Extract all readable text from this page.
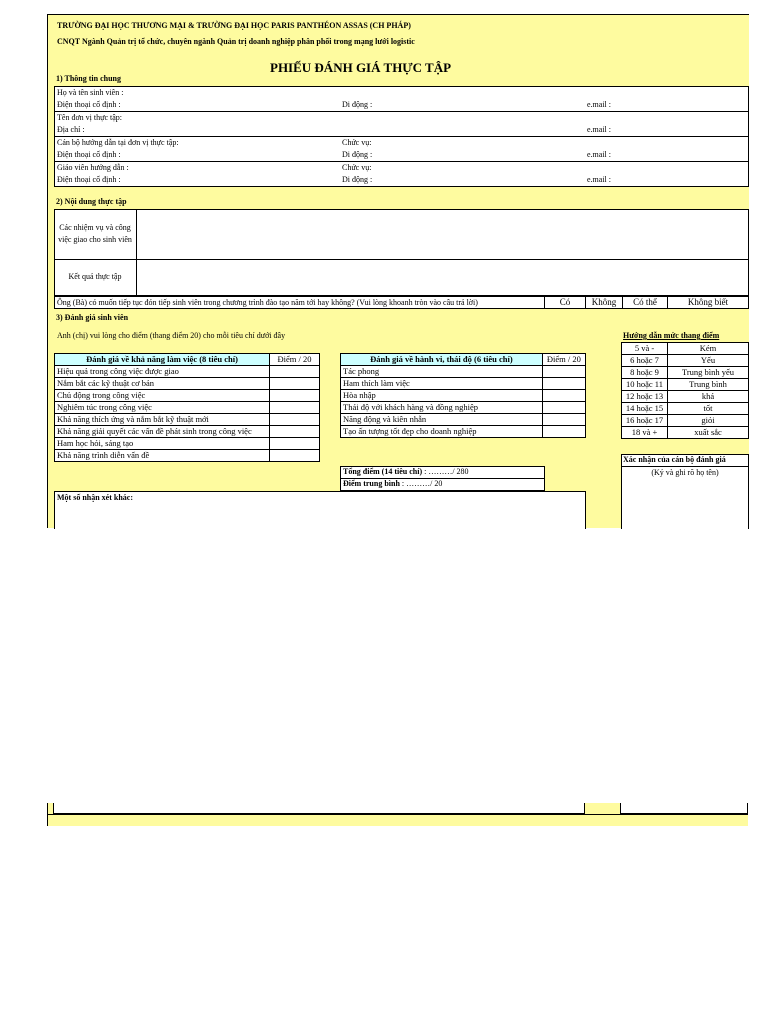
TRƯỜNG ĐẠI HỌC THƯƠNG MẠI & TRƯỜNG ĐẠI HỌC PARIS PANTHÉON ASSAS (CH PHÁP)
CNQT Ngành Quản trị tổ chức, chuyên ngành Quản trị doanh nghiệp phân phối trong mạng lưới logistic
PHIẾU ĐÁNH GIÁ THỰC TẬP
1) Thông tin chung
Họ và tên sinh viên :
Điện thoại cố định :	Di động :	e.mail :
Tên đơn vị thực tập:
Địa chỉ :	e.mail :
Cán bộ hướng dẫn tại đơn vị thực tập:	Chức vụ:
Điện thoại cố định :	Di động :	e.mail :
Giáo viên hướng dẫn :	Chức vụ:
Điện thoại cố định :	Di động :	e.mail :
2) Nội dung thực tập
Các nhiệm vụ và công việc giao cho sinh viên
Kết quả thực tập
Ông (Bà) có muốn tiếp tục đón tiếp sinh viên trong chương trình đào tạo năm tới hay không? (Vui lòng khoanh tròn vào câu trả lời)	Có	Không	Có thể	Không biết
3) Đánh giá sinh viên
Anh (chị) vui lòng cho điểm (thang điểm 20) cho mỗi tiêu chí dưới đây
Đánh giá về khả năng làm việc (8 tiêu chí)	Điểm / 20
Hiệu quả trong công việc được giao	
Nắm bắt các kỹ thuật cơ bản	
Chủ động trong công việc	
Nghiêm túc trong công việc	
Khả năng thích ứng và nắm bắt kỹ thuật mới	
Khả năng giải quyết các vấn đề phát sinh trong công việc	
Ham học hỏi, sáng tạo	
Khả năng trình diễn vấn đề	
Đánh giá về hành vi, thái độ (6 tiêu chí)	Điểm / 20
Tác phong	
Ham thích làm việc	
Hòa nhập	
Thái độ với khách hàng và đồng nghiệp	
Năng động và kiên nhẫn	
Tạo ấn tượng tốt đẹp cho doanh nghiệp	
Tổng điểm (14 tiêu chí) : ………/ 280
Điểm trung bình : ………/ 20
Hướng dẫn mức thang điểm
5 và -	Kém
6 hoặc 7	Yếu
8 hoặc 9	Trung bình yếu
10 hoặc 11	Trung bình
12 hoặc 13	khá
14 hoặc 15	tốt
16 hoặc 17	giỏi
18 và +	xuất sắc
Xác nhận của cán bộ đánh giá
(Ký và ghi rõ họ tên)
Một số nhận xét khác:
